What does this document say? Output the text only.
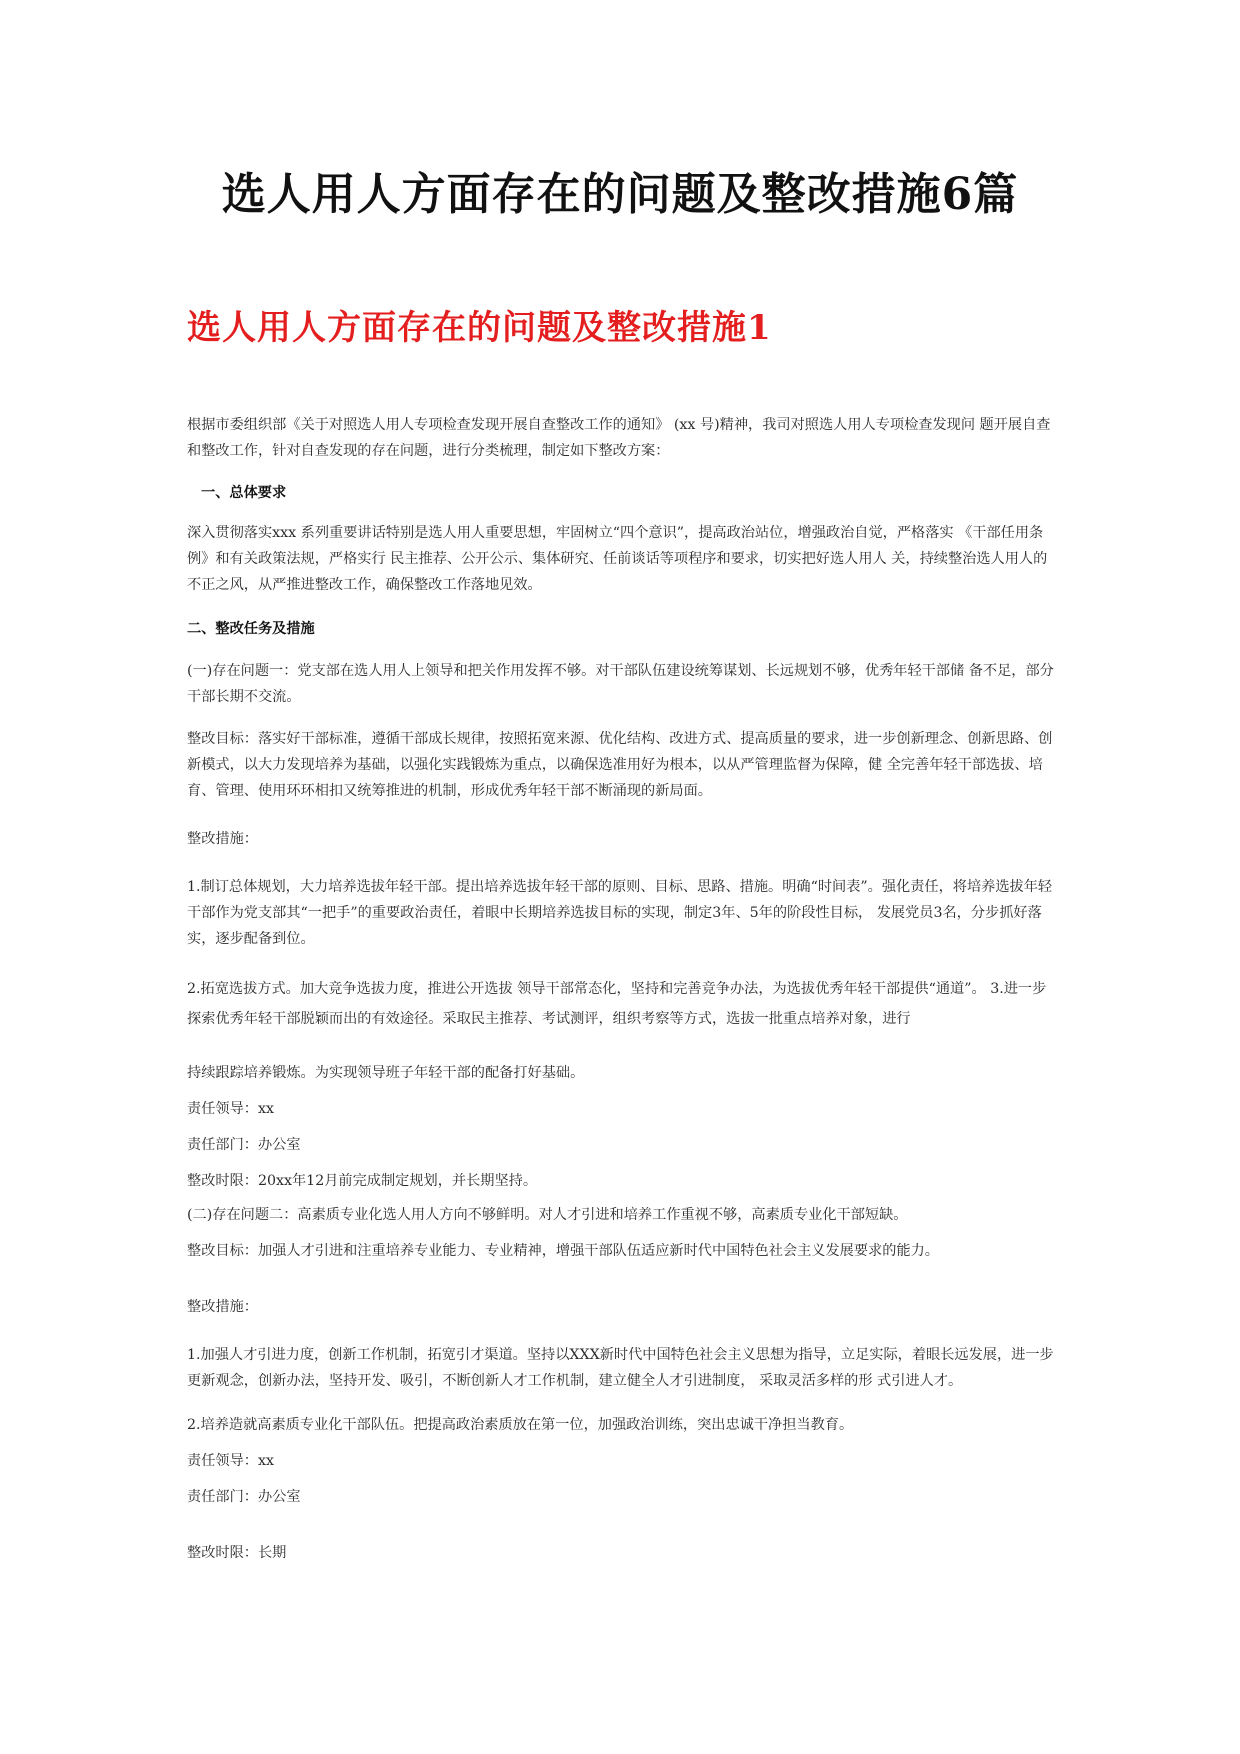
选人用人方面存在的问题及整改措施6篇
选人用人方面存在的问题及整改措施1

根据市委组织部《关于对照选人用人专项检查发现开展自查整改工作的通知》 (xx 号)精神，我司对照选人用人专项检查发现问 题开展自查和整改工作，针对自查发现的存在问题，进行分类梳理，制定如下整改方案：

一、总体要求

深入贯彻落实xxx 系列重要讲话特别是选人用人重要思想，牢固树立“四个意识”，提高政治站位，增强政治自觉，严格落实 《干部任用条例》和有关政策法规，严格实行 民主推荐、公开公示、集体研究、任前谈话等项程序和要求，切实把好选人用人 关，持续整治选人用人的不正之风，从严推进整改工作，确保整改工作落地见效。

二、整改任务及措施

(一)存在问题一：党支部在选人用人上领导和把关作用发挥不够。对干部队伍建设统筹谋划、长远规划不够，优秀年轻干部储 备不足，部分干部长期不交流。

整改目标：落实好干部标准，遵循干部成长规律，按照拓宽来源、优化结构、改进方式、提高质量的要求，进一步创新理念、创新思路、创新模式，以大力发现培养为基础，以强化实践锻炼为重点，以确保选准用好为根本，以从严管理监督为保障，健 全完善年轻干部选拔、培育、管理、使用环环相扣又统筹推进的机制，形成优秀年轻干部不断涌现的新局面。

整改措施：

1.制订总体规划，大力培养选拔年轻干部。提出培养选拔年轻干部的原则、目标、思路、措施。明确“时间表”。强化责任，将培养选拔年轻干部作为党支部其“一把手”的重要政治责任，着眼中长期培养选拔目标的实现，制定3年、5年的阶段性目标， 发展党员3名，分步抓好落实，逐步配备到位。

2.拓宽选拔方式。加大竞争选拔力度，推进公开选拔 领导干部常态化，坚持和完善竞争办法，为选拔优秀年轻干部提供“通道”。 3.进一步探索优秀年轻干部脱颖而出的有效途径。采取民主推荐、考试测评，组织考察等方式，选拔一批重点培养对象，进行

持续跟踪培养锻炼。为实现领导班子年轻干部的配备打好基础。

责任领导：xx

责任部门：办公室

整改时限：20xx年12月前完成制定规划，并长期坚持。

(二)存在问题二：高素质专业化选人用人方向不够鲜明。对人才引进和培养工作重视不够，高素质专业化干部短缺。

整改目标：加强人才引进和注重培养专业能力、专业精神，增强干部队伍适应新时代中国特色社会主义发展要求的能力。

整改措施：

1.加强人才引进力度，创新工作机制，拓宽引才渠道。坚持以XXX新时代中国特色社会主义思想为指导，立足实际，着眼长远发展，进一步更新观念，创新办法，坚持开发、吸引，不断创新人才工作机制，建立健全人才引进制度， 采取灵活多样的形 式引进人才。

2.培养造就高素质专业化干部队伍。把提高政治素质放在第一位，加强政治训练，突出忠诚干净担当教育。

责任领导：xx

责任部门：办公室

整改时限：长期
